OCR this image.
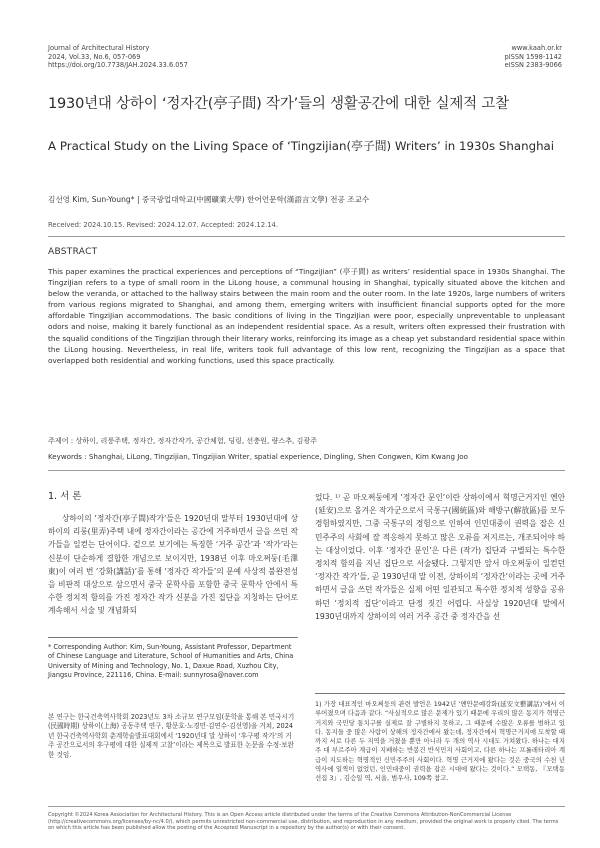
Journal of Architectural History
2024, Vol.33, No.6, 057-069
https://doi.org/10.7738/JAH.2024.33.6.057
www.kaah.or.kr
pISSN 1598-1142
eISSN 2383-9066
1930년대 상하이 ‘정자간(亭子間) 작가’들의 생활공간에 대한 실제적 고찰
A Practical Study on the Living Space of ‘Tingzijian(亭子間) Writers’ in 1930s Shanghai
김선영 Kim, Sun-Young* | 중국광업대학교(中國礦業大學) 한어언문학(漢語言文學) 전공 조교수
Received: 2024.10.15. Revised: 2024.12.07. Accepted: 2024.12.14.
ABSTRACT
This paper examines the practical experiences and perceptions of “TingziJian” (亭子間) as writers’ residential space in 1930s Shanghai. The TingziJian refers to a type of small room in the LiLong house, a communal housing in Shanghai, typically situated above the kitchen and below the veranda, or attached to the hallway stairs between the main room and the outer room. In the late 1920s, large numbers of writers from various regions migrated to Shanghai, and among them, emerging writers with insufficient financial supports opted for the more affordable TingziJian accommodations. The basic conditions of living in the TingziJian were poor, especially unpreventable to unpleasant odors and noise, making it barely functional as an independent residential space. As a result, writers often expressed their frustration with the squalid conditions of the TingziJian through their literary works, reinforcing its image as a cheap yet substandard residential space within the LiLong housing. Nevertheless, in real life, writers took full advantage of this low rent, recognizing the TingziJian as a space that overlapped both residential and working functions, used this space practically.
주제어 : 상하이, 리룽주택, 정자간, 정자간작가, 공간체험, 딩링, 선충원, 량스추, 김광주
Keywords : Shanghai, LiLong, Tingzijian, Tingzijian Writer, spatial experience, Dingling, Shen Congwen, Kim Kwang Joo
1. 서 론
상하이의 ‘정자간(亭子間)작가’들은 1920년대 말부터 1930년대에 상하이의 리룽(里弄)주택 내에 정자간이라는 공간에 거주하면서 글을 쓰던 작가들을 일컫는 단어이다. 겉으로 보기에는 특징한 ‘거주 공간’과 ‘작가’라는 신분이 단순하게 결합한 개념으로 보이지만, 1938년 이후 마오쩌둥(毛澤東)이 여러 번 ‘강화(講話)’를 통해 ‘정자간 작가들’의 문예 사상적 불완전성을 비판적 대상으로 삼으면서 중국 문학사를 포함한 중국 문학사 안에서 특수한 정치적 함의를 가진 정자간 작가 신분을 가진 집단을 지칭하는 단어로 계속해서 서술 및 개념화되
었다. ¹⁾ 곧 마오쩌둥에게 ‘정자간 문인’이란 상하이에서 혁명근거지인 옌안(延安)으로 올겨온 작가군으로서 국통구(國統區)와 해방구(解放區)를 모두 경험하였지만, 그중 국통구의 경험으로 인하여 인민대중이 권력을 잡은 신민주주의 사회에 잘 적응하지 못하고 많은 오류를 저지르는, 개조되어야 하는 대상이었다. 이후 ‘정자간 문인’은 다른 (작가) 집단과 구별되는 특수한 정치적 함의를 지닌 집단으로 서술됐다. 그렇지만 앞서 마오쩌둥이 일컫던 ‘정자간 작가’들, 곧 1930년대 말 이전, 상하이의 ‘정자간’이라는 곳에 거주하면서 글을 쓰던 작가들은 실제 어떤 일관되고 특수한 정치적 성향을 공유하던 ‘정치적 집단’이라고 단정 짓긴 어렵다. 사실상 1920년대 말에서 1930년대까지 상하이의 여러 거주 공간 중 정자간을 선
* Corresponding Author: Kim, Sun-Young, Assistant Professor, Department of Chinese Language and Literature, School of Humanities and Arts, China University of Mining and Technology, No. 1, Daxue Road, Xuzhou City, Jiangsu Province, 221116, China. E-mail: sunnyrosa@naver.com
본 연구는 한국건축역사학회 2023년도 3차 소규모 연구모임(문학을 통해 본 민국시기(民國時期) 상하이(上海) 공동주택 연구, 황문호·노경민·김연수·김선영)을 거쳐, 2024년 한국건축역사학회 춘계학술발표대회에서 ‘1920년대 말 상하이 ‘후구평 작가’의 거주 공간으로서의 후구평에 대한 실제적 고찰’이라는 제목으로 발표한 논문을 수정·보완한 것임.
1) 가장 대표적인 마오쩌둥의 관련 발언은 1942년 ‘옌안문예강화(延安文藝講話)’에서 이루어졌으며 다음과 같다. “사실적으로 많은 문제가 있기 때문에 우리의 많은 동지가 혁명근거지와 국민당 통치구를 실제로 잘 구별하지 못하고, 그 때문에 수많은 오류를 범하고 있다. 동지들 중 많은 사람이 상해의 정자간에서 왔는데, 정자간에서 혁명근거지에 도착할 때까지 서로 다른 두 지역을 거쳤을 뿐만 아니라 두 개의 역사 시대도 거쳐왔다. 하나는 대지주 대 부르주아 계급이 지배하는 반봉건 반식민지 사회이고, 다른 하나는 프롤레타리아 계급이 지도하는 혁명적인 신민주주의 사회이다. 혁명 근거지에 왔다는 것은 중국의 수천 년 역사에 일찍이 없었던, 인민대중이 권력을 잡은 시대에 왔다는 것이다.” 모택동, 『모택동 선집 3』, 김승일 역, 서울, 범우사, 109쪽 참고.
Copyright ©2024 Korea Association for Architectural History. This is an Open Access article distributed under the terms of the Creative Commons Attribution-NonCommercial License (http://creativecommons.org/licenses/by-nc/4.0/), which permits unrestricted non-commercial use, distribution, and reproduction in any medium, provided the original work is properly cited. The terms on which this article has been published allow the posting of the Accepted Manuscript in a repository by the author(s) or with their consent.
